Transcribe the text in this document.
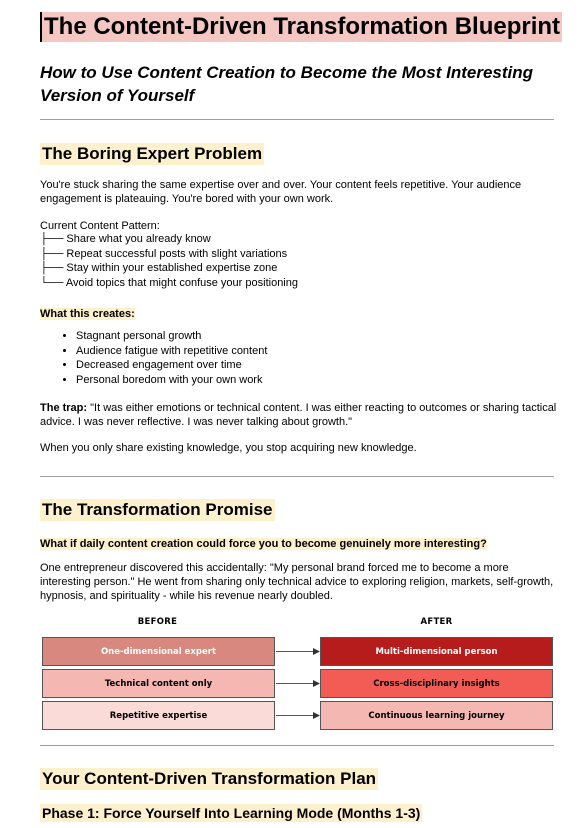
The Content-Driven Transformation Blueprint
How to Use Content Creation to Become the Most Interesting Version of Yourself
The Boring Expert Problem
You're stuck sharing the same expertise over and over. Your content feels repetitive. Your audience engagement is plateauing. You're bored with your own work.
Current Content Pattern:
├── Share what you already know
├── Repeat successful posts with slight variations
├── Stay within your established expertise zone
└── Avoid topics that might confuse your positioning
What this creates:
• Stagnant personal growth
• Audience fatigue with repetitive content
• Decreased engagement over time
• Personal boredom with your own work
The trap: "It was either emotions or technical content. I was either reacting to outcomes or sharing tactical advice. I was never reflective. I was never talking about growth."
When you only share existing knowledge, you stop acquiring new knowledge.
The Transformation Promise
What if daily content creation could force you to become genuinely more interesting?
One entrepreneur discovered this accidentally: "My personal brand forced me to become a more interesting person." He went from sharing only technical advice to exploring religion, markets, self-growth, hypnosis, and spirituality - while his revenue nearly doubled.
BEFORE	AFTER
One-dimensional expert
Technical content only
Repetitive expertise
Multi-dimensional person
Cross-disciplinary insights
Continuous learning journey
Your Content-Driven Transformation Plan
Phase 1: Force Yourself Into Learning Mode (Months 1-3)
